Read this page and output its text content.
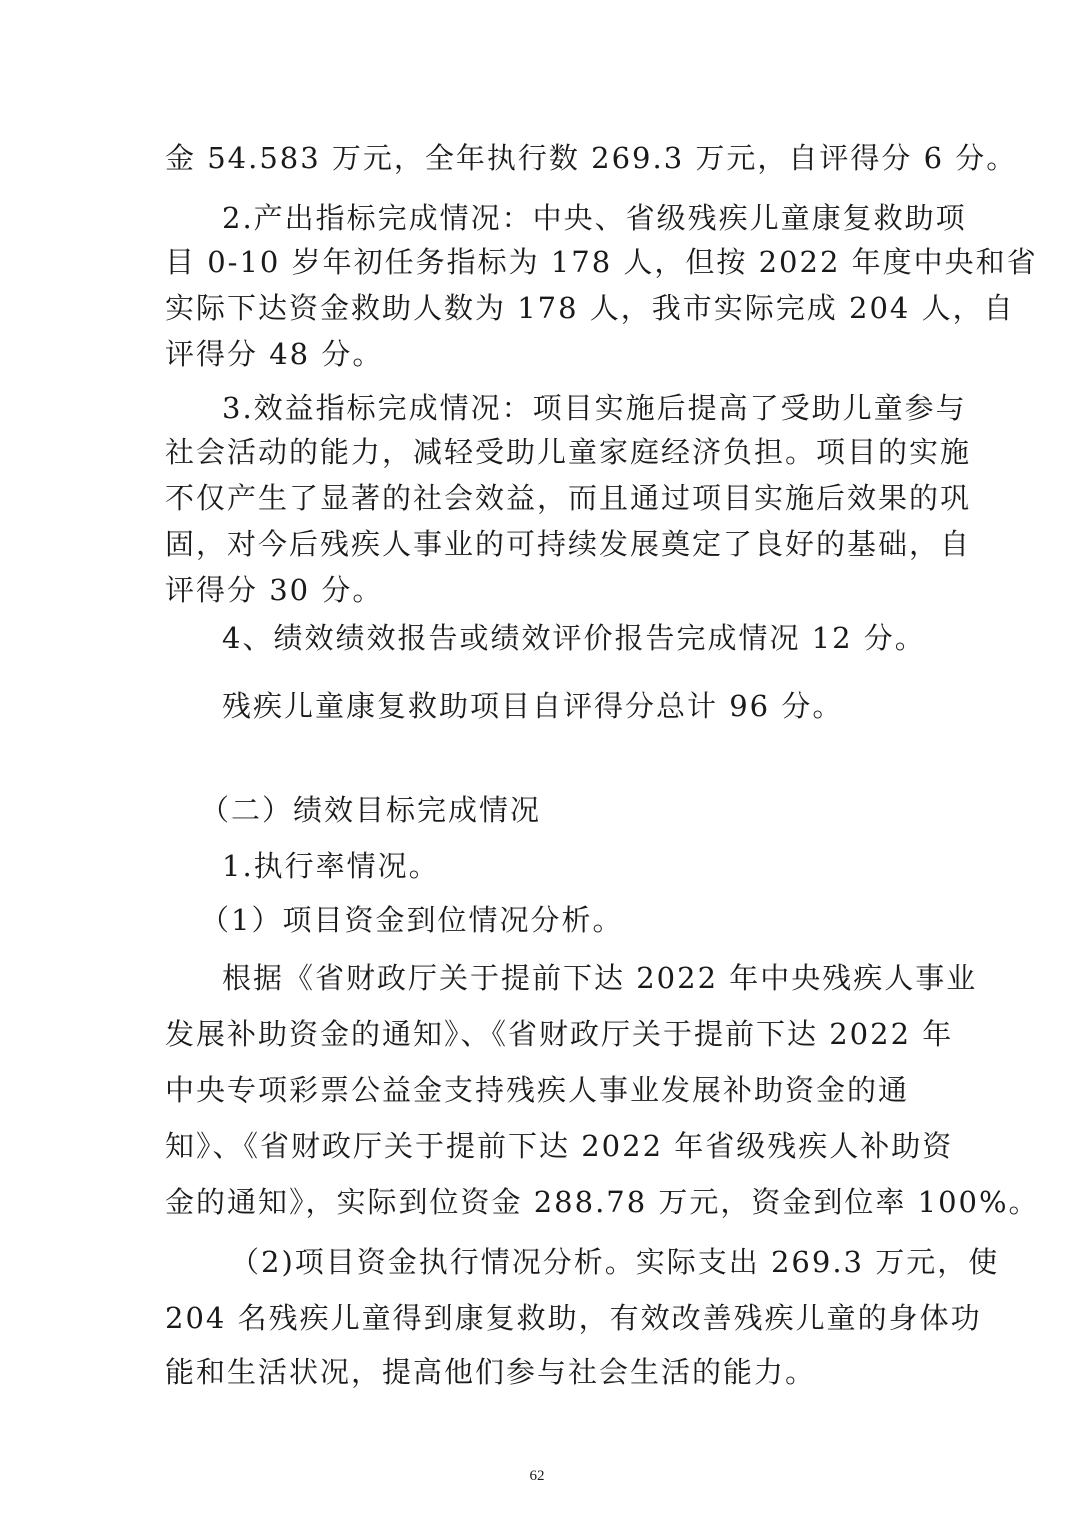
金 54.583 万元，全年执行数 269.3 万元，自评得分 6 分。
2.产出指标完成情况：中央、省级残疾儿童康复救助项
目 0-10 岁年初任务指标为 178 人，但按 2022 年度中央和省
实际下达资金救助人数为 178 人，我市实际完成 204 人，自
评得分 48 分。
3.效益指标完成情况：项目实施后提高了受助儿童参与
社会活动的能力，减轻受助儿童家庭经济负担。项目的实施
不仅产生了显著的社会效益，而且通过项目实施后效果的巩
固，对今后残疾人事业的可持续发展奠定了良好的基础，自
评得分 30 分。
4、绩效绩效报告或绩效评价报告完成情况 12 分。
残疾儿童康复救助项目自评得分总计 96 分。
（二）绩效目标完成情况
1.执行率情况。
（1）项目资金到位情况分析。
根据《省财政厅关于提前下达 2022 年中央残疾人事业
发展补助资金的通知》、《省财政厅关于提前下达 2022 年
中央专项彩票公益金支持残疾人事业发展补助资金的通
知》、《省财政厅关于提前下达 2022 年省级残疾人补助资
金的通知》，实际到位资金 288.78 万元，资金到位率 100%。
（2)项目资金执行情况分析。实际支出 269.3 万元，使
204 名残疾儿童得到康复救助，有效改善残疾儿童的身体功
能和生活状况，提高他们参与社会生活的能力。
62
